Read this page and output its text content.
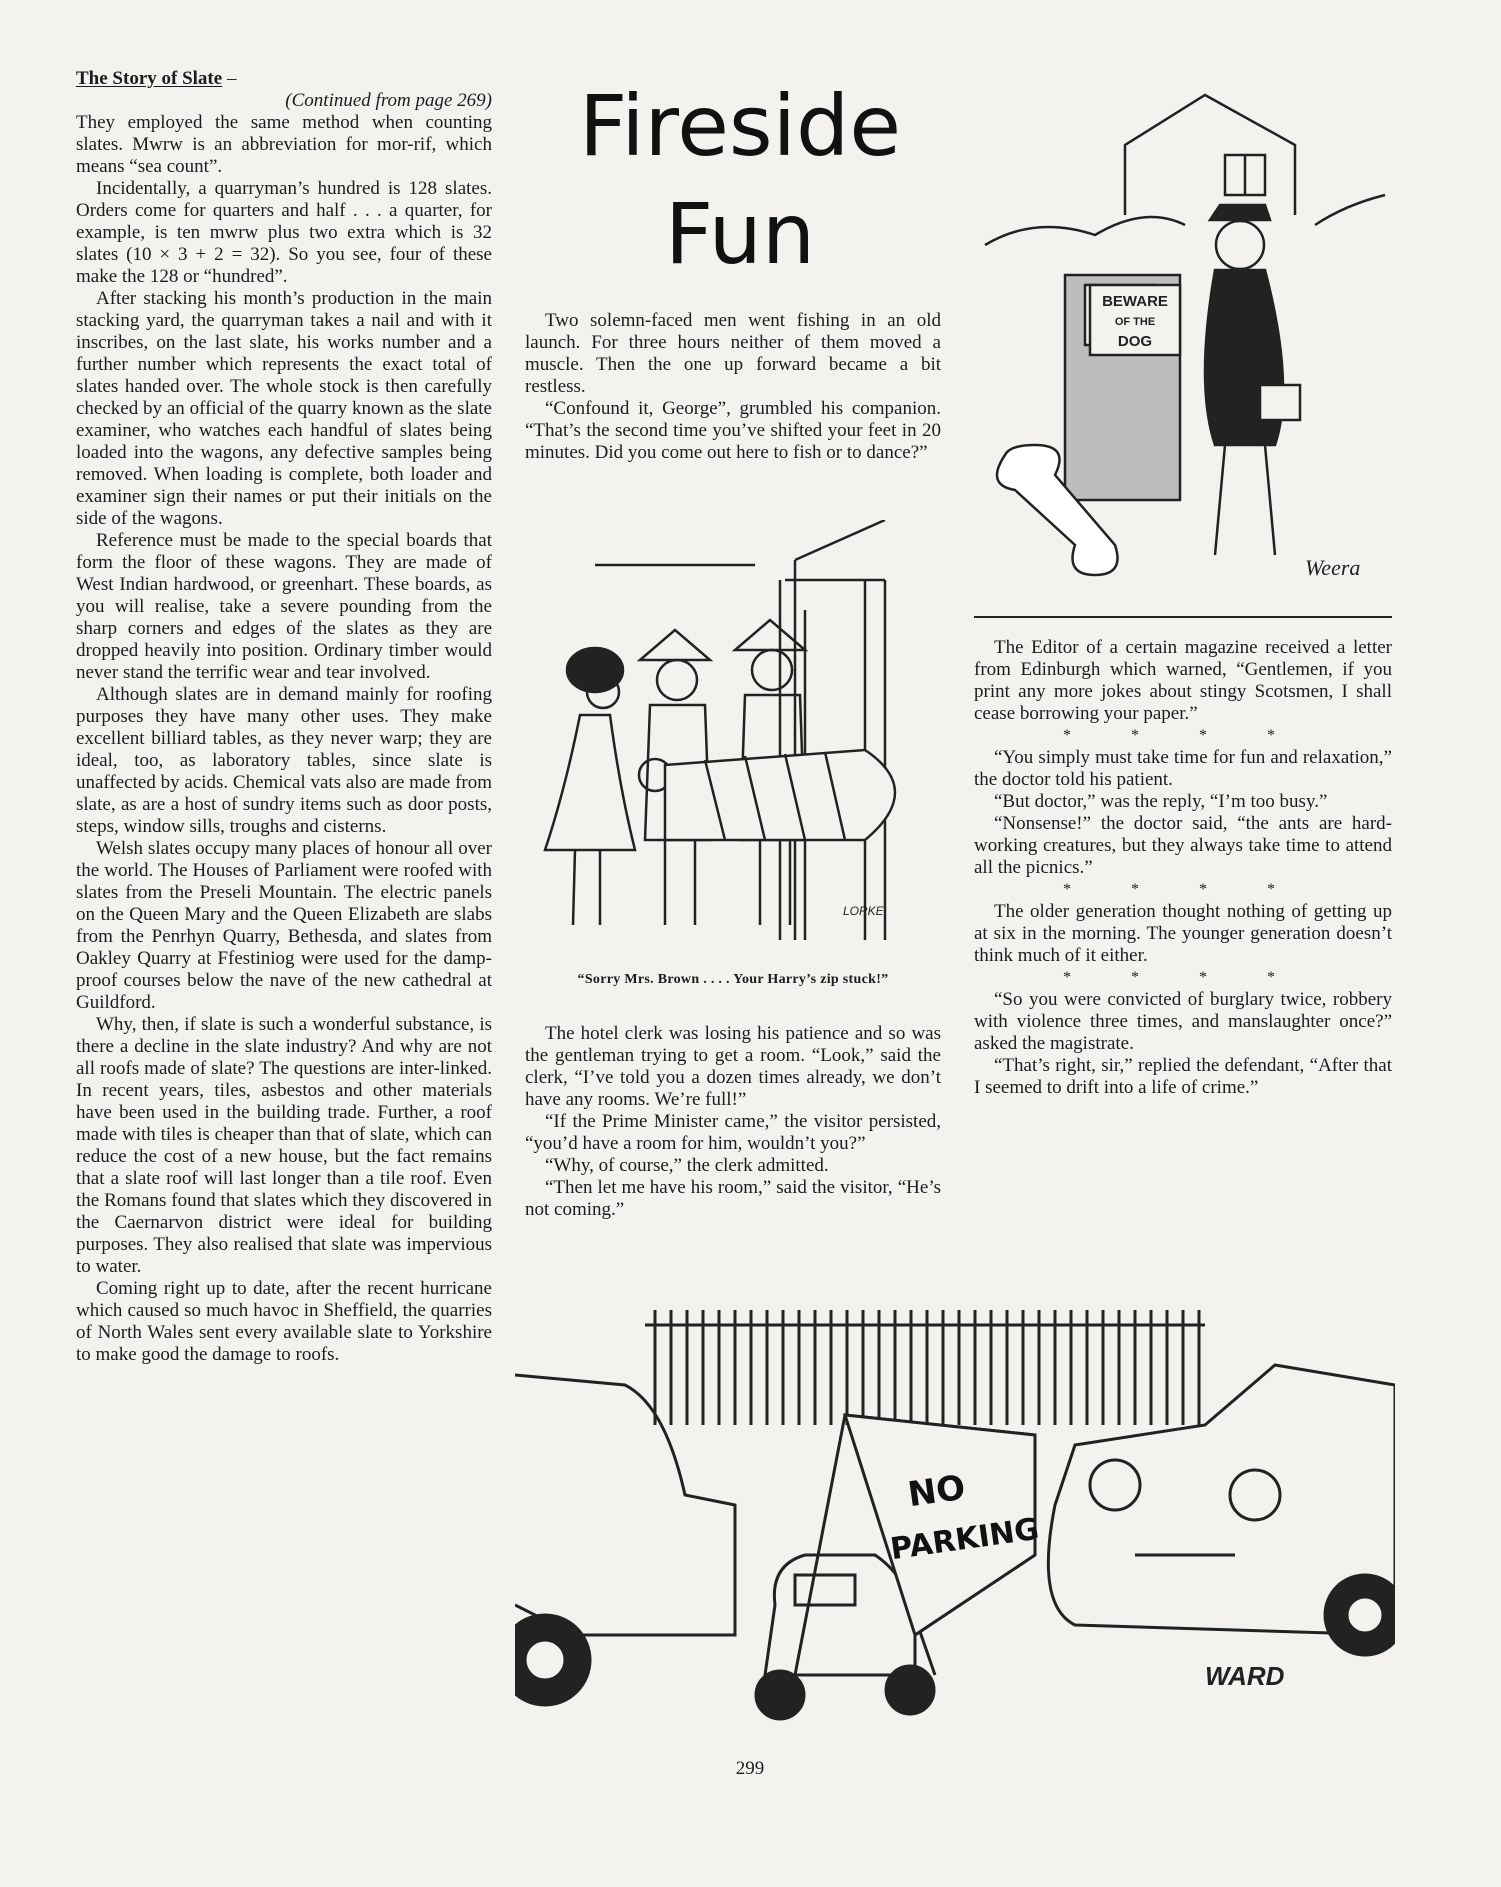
The Story of Slate –

(Continued from page 269)

They employed the same method when counting slates. Mwrw is an abbreviation for mor-rif, which means “sea count”.

Incidentally, a quarryman’s hundred is 128 slates. Orders come for quarters and half . . . a quarter, for example, is ten mwrw plus two extra which is 32 slates (10 × 3 + 2 = 32). So you see, four of these make the 128 or “hundred”.

After stacking his month’s production in the main stacking yard, the quarryman takes a nail and with it inscribes, on the last slate, his works number and a further number which represents the exact total of slates handed over. The whole stock is then carefully checked by an official of the quarry known as the slate examiner, who watches each handful of slates being loaded into the wagons, any defective samples being removed. When loading is complete, both loader and examiner sign their names or put their initials on the side of the wagons.

Reference must be made to the special boards that form the floor of these wagons. They are made of West Indian hardwood, or greenhart. These boards, as you will realise, take a severe pounding from the sharp corners and edges of the slates as they are dropped heavily into position. Ordinary timber would never stand the terrific wear and tear involved.

Although slates are in demand mainly for roofing purposes they have many other uses. They make excellent billiard tables, as they never warp; they are ideal, too, as laboratory tables, since slate is unaffected by acids. Chemical vats also are made from slate, as are a host of sundry items such as door posts, steps, window sills, troughs and cisterns.

Welsh slates occupy many places of honour all over the world. The Houses of Parliament were roofed with slates from the Preseli Mountain. The electric panels on the Queen Mary and the Queen Elizabeth are slabs from the Penrhyn Quarry, Bethesda, and slates from Oakley Quarry at Ffestiniog were used for the damp-proof courses below the nave of the new cathedral at Guildford.

Why, then, if slate is such a wonderful substance, is there a decline in the slate industry? And why are not all roofs made of slate? The questions are inter-linked. In recent years, tiles, asbestos and other materials have been used in the building trade. Further, a roof made with tiles is cheaper than that of slate, which can reduce the cost of a new house, but the fact remains that a slate roof will last longer than a tile roof. Even the Romans found that slates which they discovered in the Caernarvon district were ideal for building purposes. They also realised that slate was impervious to water.

Coming right up to date, after the recent hurricane which caused so much havoc in Sheffield, the quarries of North Wales sent every available slate to Yorkshire to make good the damage to roofs.

Fireside
Fun

Two solemn-faced men went fishing in an old launch. For three hours neither of them moved a muscle. Then the one up forward became a bit restless.

“Confound it, George”, grumbled his companion. “That’s the second time you’ve shifted your feet in 20 minutes. Did you come out here to fish or to dance?”

LORKE
“Sorry Mrs. Brown . . . . Your Harry’s zip stuck!”

The hotel clerk was losing his patience and so was the gentleman trying to get a room. “Look,” said the clerk, “I’ve told you a dozen times already, we don’t have any rooms. We’re full!”

“If the Prime Minister came,” the visitor persisted, “you’d have a room for him, wouldn’t you?”

“Why, of course,” the clerk admitted.

“Then let me have his room,” said the visitor, “He’s not coming.”

BEWARE
OF THE
DOG
Weera

The Editor of a certain magazine received a letter from Edinburgh which warned, “Gentlemen, if you print any more jokes about stingy Scotsmen, I shall cease borrowing your paper.”

* * * *

“You simply must take time for fun and relaxation,” the doctor told his patient.

“But doctor,” was the reply, “I’m too busy.”

“Nonsense!” the doctor said, “the ants are hard-working creatures, but they always take time to attend all the picnics.”

* * * *

The older generation thought nothing of getting up at six in the morning. The younger generation doesn’t think much of it either.

* * * *

“So you were convicted of burglary twice, robbery with violence three times, and manslaughter once?” asked the magistrate.

“That’s right, sir,” replied the defendant, “After that I seemed to drift into a life of crime.”

NO
PARKING
WARD
299
